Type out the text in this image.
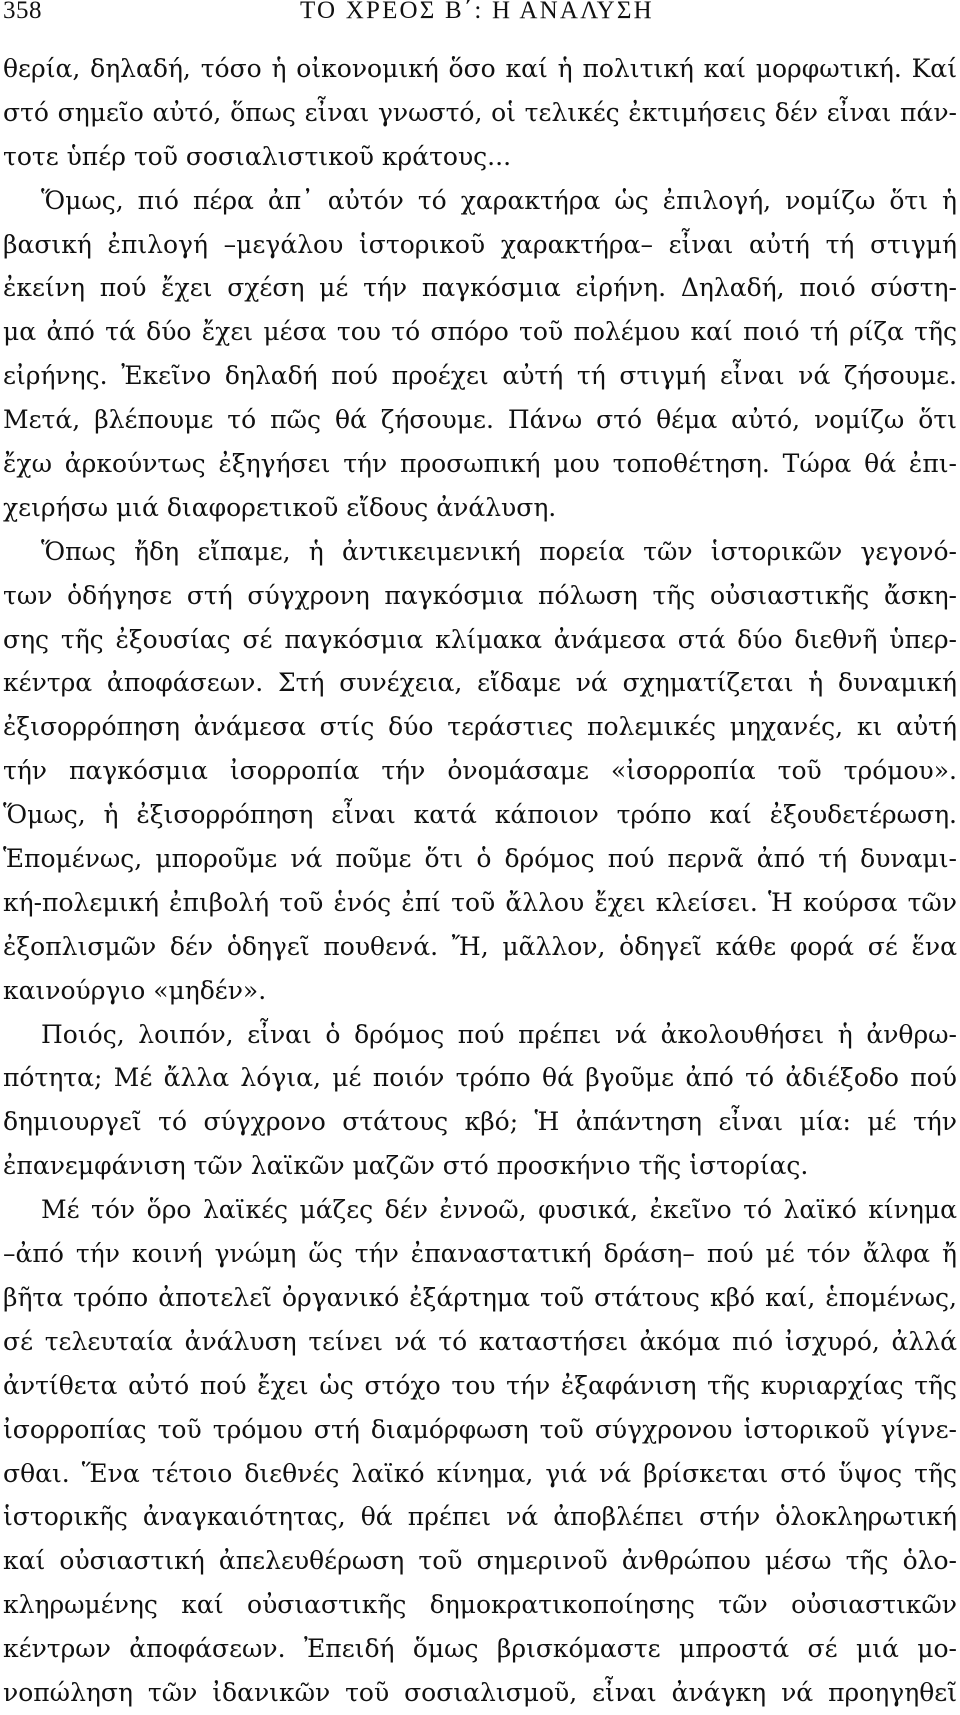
358	ΤΟ ΧΡΕΟΣ Β΄: Η ΑΝΑΛΥΣΗ
θερία, δηλαδή, τόσο ἡ οἰκονομική ὅσο καί ἡ πολιτική καί μορφωτική. Καί
στό σημεῖο αὐτό, ὅπως εἶναι γνωστό, οἱ τελικές ἐκτιμήσεις δέν εἶναι πάν-
τοτε ὑπέρ τοῦ σοσιαλιστικοῦ κράτους...
Ὅμως, πιό πέρα ἀπ᾽ αὐτόν τό χαρακτήρα ὡς ἐπιλογή, νομίζω ὅτι ἡ
βασική ἐπιλογή –μεγάλου ἱστορικοῦ χαρακτήρα– εἶναι αὐτή τή στιγμή
ἐκείνη πού ἔχει σχέση μέ τήν παγκόσμια εἰρήνη. Δηλαδή, ποιό σύστη-
μα ἀπό τά δύο ἔχει μέσα του τό σπόρο τοῦ πολέμου καί ποιό τή ρίζα τῆς
εἰρήνης. Ἐκεῖνο δηλαδή πού προέχει αὐτή τή στιγμή εἶναι νά ζήσουμε.
Μετά, βλέπουμε τό πῶς θά ζήσουμε. Πάνω στό θέμα αὐτό, νομίζω ὅτι
ἔχω ἀρκούντως ἐξηγήσει τήν προσωπική μου τοποθέτηση. Τώρα θά ἐπι-
χειρήσω μιά διαφορετικοῦ εἴδους ἀνάλυση.
Ὅπως ἤδη εἴπαμε, ἡ ἀντικειμενική πορεία τῶν ἱστορικῶν γεγονό-
των ὁδήγησε στή σύγχρονη παγκόσμια πόλωση τῆς οὐσιαστικῆς ἄσκη-
σης τῆς ἐξουσίας σέ παγκόσμια κλίμακα ἀνάμεσα στά δύο διεθνῆ ὑπερ-
κέντρα ἀποφάσεων. Στή συνέχεια, εἴδαμε νά σχηματίζεται ἡ δυναμική
ἐξισορρόπηση ἀνάμεσα στίς δύο τεράστιες πολεμικές μηχανές, κι αὐτή
τήν παγκόσμια ἰσορροπία τήν ὀνομάσαμε «ἰσορροπία τοῦ τρόμου».
Ὅμως, ἡ ἐξισορρόπηση εἶναι κατά κάποιον τρόπο καί ἐξουδετέρωση.
Ἑπομένως, μποροῦμε νά ποῦμε ὅτι ὁ δρόμος πού περνᾶ ἀπό τή δυναμι-
κή-πολεμική ἐπιβολή τοῦ ἑνός ἐπί τοῦ ἄλλου ἔχει κλείσει. Ἡ κούρσα τῶν
ἐξοπλισμῶν δέν ὁδηγεῖ πουθενά. Ἤ, μᾶλλον, ὁδηγεῖ κάθε φορά σέ ἕνα
καινούργιο «μηδέν».
Ποιός, λοιπόν, εἶναι ὁ δρόμος πού πρέπει νά ἀκολουθήσει ἡ ἀνθρω-
πότητα; Μέ ἄλλα λόγια, μέ ποιόν τρόπο θά βγοῦμε ἀπό τό ἀδιέξοδο πού
δημιουργεῖ τό σύγχρονο στάτους κβό; Ἡ ἀπάντηση εἶναι μία: μέ τήν
ἐπανεμφάνιση τῶν λαϊκῶν μαζῶν στό προσκήνιο τῆς ἱστορίας.
Μέ τόν ὅρο λαϊκές μάζες δέν ἐννοῶ, φυσικά, ἐκεῖνο τό λαϊκό κίνημα
–ἀπό τήν κοινή γνώμη ὥς τήν ἐπαναστατική δράση– πού μέ τόν ἄλφα ἤ
βῆτα τρόπο ἀποτελεῖ ὀργανικό ἐξάρτημα τοῦ στάτους κβό καί, ἑπομένως,
σέ τελευταία ἀνάλυση τείνει νά τό καταστήσει ἀκόμα πιό ἰσχυρό, ἀλλά
ἀντίθετα αὐτό πού ἔχει ὡς στόχο του τήν ἐξαφάνιση τῆς κυριαρχίας τῆς
ἰσορροπίας τοῦ τρόμου στή διαμόρφωση τοῦ σύγχρονου ἱστορικοῦ γίγνε-
σθαι. Ἕνα τέτοιο διεθνές λαϊκό κίνημα, γιά νά βρίσκεται στό ὕψος τῆς
ἱστορικῆς ἀναγκαιότητας, θά πρέπει νά ἀποβλέπει στήν ὁλοκληρωτική
καί οὐσιαστική ἀπελευθέρωση τοῦ σημερινοῦ ἀνθρώπου μέσω τῆς ὁλο-
κληρωμένης καί οὐσιαστικῆς δημοκρατικοποίησης τῶν οὐσιαστικῶν
κέντρων ἀποφάσεων. Ἐπειδή ὅμως βρισκόμαστε μπροστά σέ μιά μο-
νοπώληση τῶν ἰδανικῶν τοῦ σοσιαλισμοῦ, εἶναι ἀνάγκη νά προηγηθεῖ
